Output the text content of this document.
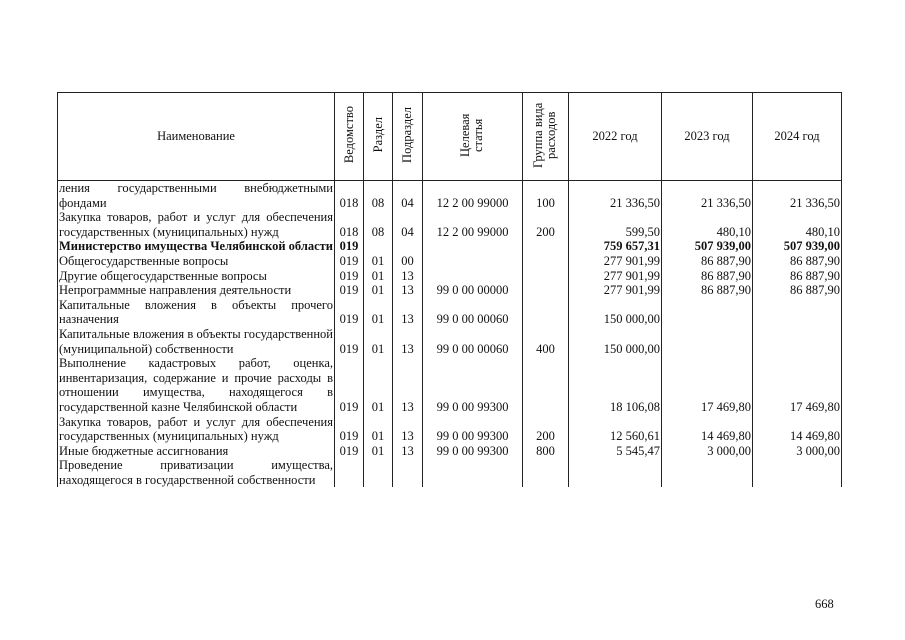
Наименование	Ведомство	Раздел	Подраздел	Целевая статья	Группа вида расходов	2022 год	2023 год	2024 год
ления государственными внебюджетными фондами	018	08	04	12 2 00 99000	100	21 336,50	21 336,50	21 336,50
Закупка товаров, работ и услуг для обеспечения государственных (муниципальных) нужд	018	08	04	12 2 00 99000	200	599,50	480,10	480,10
Министерство имущества Челябинской области	019					759 657,31	507 939,00	507 939,00
Общегосударственные вопросы	019	01	00			277 901,99	86 887,90	86 887,90
Другие общегосударственные вопросы	019	01	13			277 901,99	86 887,90	86 887,90
Непрограммные направления деятельности	019	01	13	99 0 00 00000		277 901,99	86 887,90	86 887,90
Капитальные вложения в объекты прочего назначения	019	01	13	99 0 00 00060		150 000,00		
Капитальные вложения в объекты государственной (муниципальной) собственности	019	01	13	99 0 00 00060	400	150 000,00		
Выполнение кадастровых работ, оценка, инвентаризация, содержание и прочие расходы в отношении имущества, находящегося в государственной казне Челябинской области	019	01	13	99 0 00 99300		18 106,08	17 469,80	17 469,80
Закупка товаров, работ и услуг для обеспечения государственных (муниципальных) нужд	019	01	13	99 0 00 99300	200	12 560,61	14 469,80	14 469,80
Иные бюджетные ассигнования	019	01	13	99 0 00 99300	800	5 545,47	3 000,00	3 000,00
Проведение приватизации имущества, находящегося в государственной собственности								
668
